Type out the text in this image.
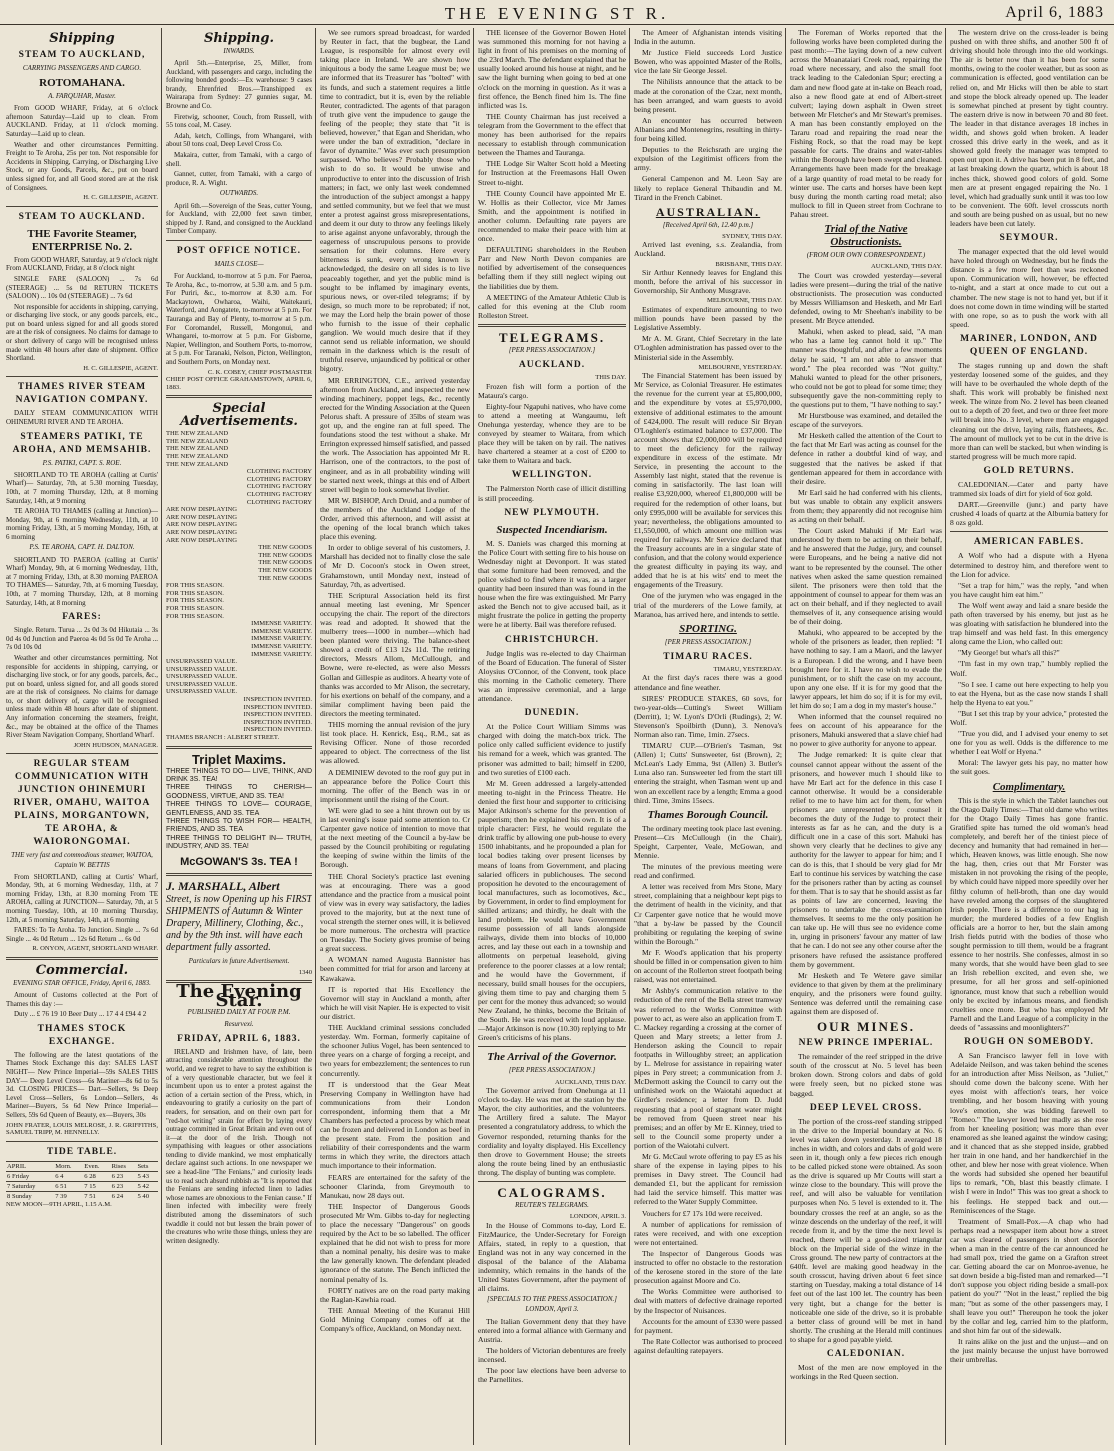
THE EVENING ST R.	April 6, 1883
Shipping
STEAM TO AUCKLAND,
CARRYING PASSENGERS AND CARGO.
ROTOMAHANA.
A. FARQUHAR, Master.

From GOOD WHARF, Friday, at 6 o'clock afternoon Saturday—Laid up to clean. From AUCKLAND. Friday, at 11 o'clock morning. Saturday—Laid up to clean.

Weather and other circumstances Permitting. Freight to Te Aroha, 25s per ton. Not responsible for Accidents in Shipping, Carrying, or Discharging Live Stock, or any Goods, Parcels, &c., put on board unless signed for, and all Good stored are at the risk of Consignees.

H. C. GILLESPIE, AGENT.
STEAM TO AUCKLAND.
THE Favorite Steamer, ENTERPRISE No. 2.

From GOOD WHARF, Saturday, at 9 o'clock night From AUCKLAND, Friday, at 8 o'clock night

SINGLE FARE (SALOON) ... 7s 6d (STEERAGE) ... 5s 0d RETURN TICKETS (SALOON) ... 10s 0d (STEERAGE) ... 7s 6d

Not responsible for accidents in shipping, carrying, or discharging live stock, or any goods parcels, etc., put on board unless signed for and all goods stored are at the risk of consignees. No claims for damage to or short delivery of cargo will be recognised unless made within 48 hours after date of shipment. Office Shortland.

H. C. GILLESPIE, AGENT.
THAMES RIVER STEAM NAVIGATION COMPANY.

DAILY STEAM COMMUNICATION WITH OHINEMURI RIVER AND TE AROHA.

STEAMERS PATIKI, TE AROHA, AND MEMSAHIB.
P.S. PATIKI, CAPT. S. ROE.

SHORTLAND TO TE AROHA (calling at Curtis' Wharf)— Saturday, 7th, at 5.30 morning Tuesday, 10th, at 7 morning Thursday, 12th, at 8 morning Saturday, 14th, at 9 morning

TE AROHA TO THAMES (calling at Junction)— Monday, 9th, at 6 morning Wednesday, 11th, at 10 morning Friday, 13th, at 5 morning Monday, 16th, at 6 morning

P.S. TE AROHA, CAPT. H. DALTON.

SHORTLAND TO PAEROA (calling at Curtis' Wharf) Monday, 9th, at 6 morning Wednesday, 11th, at 7 morning Friday, 13th, at 8.30 morning PAEROA TO THAMES— Saturday, 7th, at 6 morning Tuesday, 10th, at 7 morning Thursday, 12th, at 8 morning Saturday, 14th, at 8 morning

FARES:

Single. Return. Turua ... 2s 0d 3s 0d Hikutaia ... 3s 0d 4s 0d Junction and Paeroa 4s 0d 5s 0d Te Aroha ... 7s 0d 10s 0d

Weather and other circumstances permitting. Not responsible for accidents in shipping, carrying, or discharging live stock, or for any goods, parcels, &c., put on board, unless signed for, and all goods stored are at the risk of consignees. No claims for damage to, or short delivery of, cargo will be recognised unless made within 48 hours after date of shipment. Any information concerning the steamers, freight, &c., may be obtained at the office of the Thames River Steam Navigation Company, Shortland Wharf.

JOHN HUDSON, MANAGER.
REGULAR STEAM COMMUNICATION WITH JUNCTION OHINEMURI RIVER, OMAHU, WAITOA PLAINS, MORGANTOWN, TE AROHA, & WAIORONGOMAI.
THE very fast and commodious steamer, WAITOA, Captain W. BETTIS

From SHORTLAND, calling at Curtis' Wharf, Monday, 9th, at 6 morning Wednesday, 11th, at 7 morning Friday, 13th, at 8.30 morning From TE AROHA, calling at JUNCTION— Saturday, 7th, at 5 morning Tuesday, 10th, at 10 morning Thursday, 12th, at 5 morning Saturday, 14th, at 6 morning

FARES: To Te Aroha. To Junction. Single ... 7s 6d Single ... 4s 0d Return ... 12s 6d Return ... 6s 0d

R. ONYON, AGENT, SHORTLAND WHARF.
Commercial.
EVENING STAR OFFICE, Friday, April 6, 1883.

Amount of Customs collected at the Port of Thames this day :—

Duty ... £ 76 19 10 Beer Duty ... 17 4 4 £94 4 2

THAMES STOCK EXCHANGE.

The following are the latest quotations of the Thames Stock Exchange this day: SALES LAST NIGHT— New Prince Imperial—59s SALES THIS DAY— Deep Level Cross—6s Mariner—8s 6d to 5s 3d. CLOSING PRICES— Dart—Sellers, 9s Deep Level Cross—Sellers, 6s London—Sellers, 4s Mariner—Buyers, 5s 6d New Prince Imperial—Sellers, 59s 6d Queen of Beauty, ex—Buyers, 30s

JOHN FRATER, LOUIS MELROSE, J. R. GRIFFITHS, SAMUEL TRIPP, M. HENNELLY.
TIDE TABLE.
APRIL	Morn.	Even.	Rises	Sets
6 Friday	6 4	6 28	6 23	5 43
7 Saturday	6 51	7 15	6 23	5 42
8 Sunday	7 39	7 51	6 24	5 40
NEW MOON—9TH APRIL, 1.15 A.M.
Shipping.
INWARDS.

April 5th.—Enterprise, 25, Miller, from Auckland, with passengers and cargo, including the following bonded goods:—Ex warehouse: 9 cases brandy, Ehrenfried Bros.—Transhipped ex Wairarapa from Sydney: 27 gunnies sugar, M. Browne and Co.

Firetwig, schooner, Couch, from Russell, with 55 tons coal, M. Casey.

Adah, ketch, Collings, from Whangarei, with about 50 tons coal, Deep Level Cross Co.

Makaira, cutter, from Tamaki, with a cargo of shell.

Gannet, cutter, from Tamaki, with a cargo of produce, R. A. Wight.

OUTWARDS.

April 6th.—Sovereign of the Seas, cutter Young, for Auckland, with 22,000 feet sawn timber, shipped by J. Rand, and consigned to the Auckland Timber Company.

POST OFFICE NOTICE.
MAILS CLOSE—

For Auckland, to-morrow at 5 p.m. For Paeroa, Te Aroha, &c., to-morrow, at 5.30 a.m. and 5 p.m. For Puriri, &c., to-morrow at 8.30 a.m. For Mackaytown, Owharoa, Waihi, Waitekauri, Waterford, and Aongatete, to-morrow at 5 p.m. For Tauranga and Bay of Plenty, to-morrow at 5 p.m. For Coromandel, Russell, Mongonui, and Whangarei, to-morrow at 5 p.m. For Gisborne, Napier, Wellington, and Southern Ports, to-morrow, at 5 p.m. For Taranaki, Nelson, Picton, Wellington, and Southern Ports, on Monday next.

C. K. COBEY, CHIEF POSTMASTER
CHIEF POST OFFICE GRAHAMSTOWN, APRIL 6, 1883.
Special Advertisements.
THE NEW ZEALAND
THE NEW ZEALAND
THE NEW ZEALAND
THE NEW ZEALAND
THE NEW ZEALAND
CLOTHING FACTORY
CLOTHING FACTORY
CLOTHING FACTORY
CLOTHING FACTORY
CLOTHING FACTORY
ARE NOW DISPLAYING
ARE NOW DISPLAYING
ARE NOW DISPLAYING
ARE NOW DISPLAYING
ARE NOW DISPLAYING
THE NEW GOODS
THE NEW GOODS
THE NEW GOODS
THE NEW GOODS
THE NEW GOODS
FOR THIS SEASON.
FOR THIS SEASON.
FOR THIS SEASON.
FOR THIS SEASON.
FOR THIS SEASON.
IMMENSE VARIETY.
IMMENSE VARIETY.
IMMENSE VARIETY.
IMMENSE VARIETY.
IMMENSE VARIETY.
UNSURPASSED VALUE.
UNSURPASSED VALUE.
UNSURPASSED VALUE.
UNSURPASSED VALUE.
UNSURPASSED VALUE.
INSPECTION INVITED.
INSPECTION INVITED.
INSPECTION INVITED.
INSPECTION INVITED.
INSPECTION INVITED.
THAMES BRANCH : ALBERT STREET.
Triplet Maxims.
THREE THINGS TO DO— LIVE, THINK, AND DRINK 3S. TEA!
THREE THINGS TO CHERISH— GOODNESS, VIRTUE, AND 3S. TEA!
THREE THINGS TO LOVE— COURAGE, GENTLENESS, AND 3S. TEA
THREE THINGS TO WISH FOR— HEALTH, FRIENDS, AND 3S. TEA
THREE THINGS TO DELIGHT IN— TRUTH, INDUSTRY, AND 3S. TEA!
McGOWAN'S 3s. TEA !
J. MARSHALL, Albert
Street, is now Opening up his FIRST SHIPMENTS of Autumn & Winter Drapery, Millinery, Clothing, &c., and by the 9th inst. will have each department fully assorted.
Particulars in future Advertisement.
1340
The Evening Star.
PUBLISHED DAILY AT FOUR P.M.
Resurvexi.
FRIDAY, APRIL 6, 1883.

IRELAND and Irishmen have, of late, been attracting considerable attention throughout the world, and we regret to have to say the exhibition is of a very questionable character, but we feel it incumbent upon us to enter a protest against the action of a certain section of the Press, which, in endeavouring to gratify a curiosity on the part of readers, for sensation, and on their own part for "red-hot writing" strain for effect by laying every outrage committed in Great Britain and even out of it—at the door of the Irish. Though not sympathising with leagues or other associations tending to divide mankind, we most emphatically declare against such actions. In one newspaper we see a head-line "The Fenians," and curiosity leads us to read such absurd rubbish as "It is reported that the Fenians are sending infected linen to ladies whose names are obnoxious to the Fenian cause." If linen infected with imbecility were freely distributed among the disseminators of such twaddle it could not but lessen the brain power of the creatures who write those things, unless they are written designedly.

We see rumors spread broadcast, for warded by Reuter in fact, that the bugbear, the Land League, is responsible for almost every evil taking place in Ireland. We are shown how iniquitous a body the same League must be; we are informed that its Treasurer has "bolted" with its funds, and such a statement requires a little time to contradict, but it is, even by the reliable Reuter, contradicted. The agents of that paragon of truth give vent the impudence to gauge the feeling of the people; they state that "it is believed, however," that Egan and Sheridan, who were under the ban of extradition, "declare in favor of dynamite." Was ever such presumption surpassed. Who believes? Probably those who wish to do so. It would be unwise and unproductive to enter into the discussion of Irish matters; in fact, we only last week condemned the introduction of the subject amongst a happy and settled community, but we feel that we must enter a protest against gross misrepresentations, and deem it our duty to throw any feelings likely to arise against anyone unfavorably, through the eagerness of unscrupulous persons to provide sensation for their columns. Here every bitterness is sunk, every wrong known is acknowledged, the desire on all sides is to live peaceably together, and yet the public mind is sought to be inflamed by imaginary events, spurious news, or over-riled telegrams; if by design, so much more to be reprobated; if not, we may the Lord help the brain power of those who furnish to the issue of their cephalic ganglion. We would much desire that if they cannot send us reliable information, we should remain in the darkness which is the result of truthful reserve, unjaundiced by political or other bigotry.

MR ERRINGTON, C.E., arrived yesterday afternoon from Auckland, and inspected the new winding machinery, poppet legs, &c., recently erected for the Winding Association at the Queen Pelorus shaft. A pressure of 35lbs of steam was got up, and the engine ran at full speed. The foundations stood the test without a shake. Mr Errington expressed himself satisfied, and passed the work. The Association has appointed Mr R. Harrison, one of the contractors, to the post of engineer, and as in all probability winding will be started next week, things at this end of Albert street will begin to look somewhat livelier.

MR W. BISHOP, Arch Druid, and a number of the members of the Auckland Lodge of the Order, arrived this afternoon, and will assist at the opening of the local branch which takes place this evening.

In order to oblige several of his customers, J. Marshall has decided not to finally close the sale of Mr D. Cocoon's stock in Owen street, Grahamstown, until Monday next, instead of Saturday, 7th, as advertised.

THE Scriptural Association held its first annual meeting last evening, Mr Spencer occupying the chair. The report of the directors was read and adopted. It showed that the mulberry trees—1000 in number—which had been planted were thriving. The balance-sheet showed a credit of £13 12s 11d. The retiring directors, Messrs Allom, McCullough, and Bowne, were re-elected, as were also Messrs Gollan and Gillespie as auditors. A hearty vote of thanks was accorded to Mr Alison, the secretary, for his exertions on behalf of the company, and a similar compliment having been paid the directors the meeting terminated.

THIS morning the annual revision of the jury list took place. H. Kenrick, Esq., R.M., sat as Revising Officer. None of those recorded appeared to object. The correctness of the list was allowed.

A DEMINIEW devoted to the roof guy put in an appearance before the Police Court this morning. The offer of the Bench was in or imprisonment until the rising of the Court.

WE were glad to see a hint thrown out by us in last evening's issue paid some attention to. Cr Carpenter gave notice of intention to move that at the next meeting of the Council a by-law be passed by the Council prohibiting or regulating the keeping of swine within the limits of the Borough.

THE Choral Society's practice last evening was at encouraging. There was a good attendance and the practice from a musical point of view was in every way satisfactory, the ladies proved to the majority, but at the next tune of vocal strength the sterner ones will, it is believed be more numerous. The orchestra will practice on Tuesday. The Society gives promise of being a great success.

A WOMAN named Augusta Bannister has been committed for trial for arson and larceny at Kawakawa.

IT is reported that His Excellency the Governor will stay in Auckland a month, after which he will visit Napier. He is expected to visit our district.

THE Auckland criminal sessions concluded yesterday. Wm. Forman, formerly capitaine of the schooner Julius Vogel, has been sentenced to three years on a charge of forging a receipt, and two years for embezzlement; the sentences to run concurrently.

IT is understood that the Gear Meat Preserving Company in Wellington have had communications from their London correspondent, informing them that a Mr Chambers has perfected a process by which meat can be frozen and delivered in London as beef in the present state. From the position and reliability of their correspondents and the warm terms in which they write, the directors attach much importance to their information.

FEARS are entertained for the safety of the schooner Clarinda, from Greymouth to Manukau, now 28 days out.

THE Inspector of Dangerous Goods prosecuted Mr Wm. Gibbs to-day for neglecting to place the necessary "Dangerous" on goods required by the Act to be so labelled. The officer explained that he did not wish to press for more than a nominal penalty, his desire was to make the law generally known. The defendant pleaded ignorance of the statute. The Bench inflicted the nominal penalty of 1s.

FORTY natives are on the road party making the Raglan-Kawhia road.

THE Annual Meeting of the Kuranui Hill Gold Mining Company comes off at the Company's office, Auckland, on Monday next.

THE licensee of the Governor Bowen Hotel was summoned this morning for not having a light in front of his premises on the morning of the 23rd March. The defendant explained that he usually looked around his house at night, and he saw the light burning when going to bed at one o'clock on the morning in question. As it was a first offence, the Bench fined him 1s. The fine inflicted was 1s.

THE County Chairman has just received a telegram from the Government to the effect that money has been authorised for the repairs necessary to establish through communication between the Thames and Tauranga.

THE Lodge Sir Walter Scott hold a Meeting for Instruction at the Freemasons Hall Owen Street to-night.

THE County Council have appointed Mr E. W. Hollis as their Collector, vice Mr James Smith, and the appointment is notified in another column. Defaulting rate payers are recommended to make their peace with him at once.

DEFAULTING shareholders in the Reuben Parr and New North Devon companies are notified by advertisement of the consequences befalling them if they still neglect wiping out the liabilities due by them.

A MEETING of the Amateur Athletic Club is called for this evening at the Club room Rolleston Street.

TELEGRAMS.
[PER PRESS ASSOCIATION.]
AUCKLAND.
THIS DAY.

Frozen fish will form a portion of the Mataura's cargo.

Eighty-four Ngapuhi natives, who have come to attend a meeting at Wangaumu, left Onehunga yesterday, whence they are to be conveyed by steamer to Waitara, from which place they will be taken on by rail. The natives have chartered a steamer at a cost of £200 to take them to Waitara and back.

WELLINGTON.

The Palmerston North case of illicit distilling is still proceeding.

NEW PLYMOUTH.
Suspected Incendiarism.

M. S. Daniels was charged this morning at the Police Court with setting fire to his house on Wednesday night at Devonport. It was stated that some furniture had been removed, and the police wished to find where it was, as a larger quantity had been insured than was found in the house when the fire was extinguished. Mr Parry asked the Bench not to give accused bail, as it might frustrate the police in getting the property were he at liberty. Bail was therefore refused.

CHRISTCHURCH.

Judge Inglis was re-elected to day Chairman of the Board of Education. The funeral of Sister Aloysius O'Connor, of the Convent, took place this morning in the Catholic cemetery. There was an impressive ceremonial, and a large attendance.

DUNEDIN.

At the Police Court William Simms was charged with doing the match-box trick. The police only called sufficient evidence to justify his remand for a week, which was granted. The prisoner was admitted to bail; himself in £200, and two sureties of £100 each.

Mr M. Green addressed a largely-attended meeting to-night in the Princess Theatre. He denied the first hour and supporter to criticising Major Atkinson's scheme for the prevention of pauperism; then he explained his own. It is of a triple character: First, he would regulate the drink traffic by allowing one pub-house to every 1500 inhabitants, and he propounded a plan for local bodies taking over present licenses by means of loans from Government, and placing salaried officers in publichouses. The second proposition he devoted to the encouragement of local manufactures, such as locomotives, &c., by Government, in order to find employment for skilled artizans; and thirdly, he dealt with the land problem. He would have Government resume possession of all lands alongside railways, divide them into blocks of 10,000 acres, and lay these out each in a township and allotments on perpetual leasehold, giving preference to the poorer classes at a low rental; and he would have the Government, if necessary, build small houses for the occupiers, giving them time to pay and charging them 5 per cent for the money thus advanced; so would New Zealand, he thinks, become the Britain of the South. He was received with loud applause.—Major Atkinson is now (10.30) replying to Mr Green's criticisms of his plans.

The Arrival of the Governor.
[PER PRESS ASSOCIATION.]
AUCKLAND, THIS DAY.

The Governor arrived from Onehunga at 11 o'clock to-day. He was met at the station by the Mayor, the city authorities, and the volunteers. The Artillery fired a salute. The Mayor presented a congratulatory address, to which the Governor responded, returning thanks for the cordiality and loyalty displayed. His Excellency then drove to Government House; the streets along the route being lined by an enthusiastic throng. The display of bunting was complete.

CALOGRAMS.
REUTER'S TELEGRAMS.
LONDON, APRIL 3.

In the House of Commons to-day, Lord E. FitzMaurice, the Under-Secretary for Foreign Affairs, stated, in reply to a question, that England was not in any way concerned in the disposal of the balance of the Alabama indemnity, which remains in the hands of the United States Government, after the payment of all claims.

[SPECIALS TO THE PRESS ASSOCIATION.] LONDON, April 3.

The Italian Government deny that they have entered into a formal alliance with Germany and Austria.

The holders of Victorian debentures are freely incensed.

The poor law elections have been adverse to the Parnellites.

The Ameer of Afghanistan intends visiting India in the autumn.

Mr Justice Field succeeds Lord Justice Bowen, who was appointed Master of the Rolls, vice the late Sir George Jessel.

The Nihilists announce that the attack to be made at the coronation of the Czar, next month, has been arranged, and warn guests to avoid being present.

An encounter has occurred between Albanians and Montenegrins, resulting in thirty-four being killed.

Deputies to the Reichsrath are urging the expulsion of the Legitimist officers from the army.

General Campenon and M. Leon Say are likely to replace General Thibaudin and M. Tirard in the French Cabinet.

AUSTRALIAN.
[Received April 6th, 12.40 p.m.]
SYDNEY, THIS DAY.

Arrived last evening, s.s. Zealandia, from Auckland.

BRISBANE, THIS DAY.

Sir Arthur Kennedy leaves for England this month, before the arrival of his successor in Governorship, Sir Anthony Musgrave.

MELBOURNE, THIS DAY.

Estimates of expenditure amounting to two million pounds have been passed by the Legislative Assembly.

Mr A. M. Grant, Chief Secretary in the late O'Loghlen administration has passed over to the Ministerial side in the Assembly.

MELBOURNE, YESTERDAY.

The Financial Statement has been issued by Mr Service, as Colonial Treasurer. He estimates the revenue for the current year at £5,800,000, and the expenditure by votes at £5,970,000, extensive of additional estimates to the amount of £424,000. The result will reduce Sir Bryan O'Loghlen's estimated balance to £37,000. The account shows that £2,000,000 will be required to meet the deficiency for the railway expenditure in excess of the estimate. Mr Service, in presenting the account to the Assembly last night, stated that the revenue is coming in satisfactorily. The last loan will realise £3,920,000, whereof £1,800,000 will be required for the redemption of other loans, but only £995,000 will be available for services this year; nevertheless, the obligations amounted to £1,550,000, of which amount one million was required for railways. Mr Service declared that the Treasury accounts are in a singular state of confusion, and that the colony would experience the greatest difficulty in paying its way, and added that he is at his wits' end to meet the engagements of the Treasury.

One of the jurymen who was engaged in the trial of the murderers of the Lowe family, at Maranoa, has arrived here, and intends to settle.

SPORTING.
[PER PRESS ASSOCIATION.]
TIMARU RACES.
TIMARU, YESTERDAY.

At the first day's races there was a good attendance and fine weather.

SIRES' PRODUCE STAKES, 60 sovs, for two-year-olds—Cutting's Sweet William (Derritt), 1; W. Lyon's D'Orli (Rudings), 2; W. Stevenson's Spoilbirth (Dunn), 3. Nenova's Norman also ran. Time, 1min. 27secs.

TIMARU CUP.—O'Brien's Tasman, 9st (Allen) 1; Cutts' Sunsweeter, 6st (Brown), 2; McLean's Lady Emma, 9st (Allen) 3. Butler's Luna also ran. Sunsweeter led from the start till entering the straight, when Tasman went up and won an excellent race by a length; Emma a good third. Time, 3mins 15secs.

Thames Borough Council.

The ordinary meeting took place last evening. Present—Crs McCullough (in the Chair), Speight, Carpenter, Veale, McGowan, and Mennie.

The minutes of the previous meeting were read and confirmed.

A letter was received from Mrs Stone, Mary street, complaining that a neighbour kept pigs to the detriment of health in the vicinity, and that Cr Carpenter gave notice that he would move "that a by-law be passed by the Council prohibiting or regulating the keeping of swine within the Borough."

Mr F. Wood's application that his property should be filled in or compensation given to him on account of the Rollerton street footpath being raised, was not entertained.

Mr Ashby's communication relative to the reduction of the rent of the Bella street tramway was referred to the Works Committee with power to act, as were also an application from T. C. Mackey regarding a crossing at the corner of Queen and Mary streets; a letter from J. Henderson asking the Council to repair footpaths in Willoughby street; an application by L. Melrose for assistance in repairing water pipes in Pery street; a communication from J. McDermott asking the Council to carry out the unfinished work on the Waiotahi aqueduct at Girdler's residence; a letter from D. Judd requesting that a pool of stagnant water might be removed from Queen street near his premises; and an offer by Mr E. Kinney, tried to sell to the Council some property under a portion of the Waiotahi culvert.

Mr G. McCaul wrote offering to pay £5 as his share of the expense in laying pipes to his premises in Davy street. The Council had demanded £1, but the applicant for remission had laid the service himself. This matter was referred to the Water Supply Committee.

Vouchers for £7 17s 10d were received.

A number of applications for remission of rates were received, and with one exception were not entertained.

The Inspector of Dangerous Goods was instructed to offer no obstacle to the restoration of the kerosene stored in the store of the late prosecution against Moore and Co.

The Works Committee were authorised to deal with matters of defective drainage reported by the Inspector of Nuisances.

Accounts for the amount of £330 were passed for payment.

The Rate Collector was authorised to proceed against defaulting ratepayers.

The Foreman of Works reported that the following works have been completed during the past month:—The laying down of a new culvert across the Moanataiari Creek road, repairing the road where necessary, and also the small foot track leading to the Caledonian Spur; erecting a dam and new flood gate at in-take on Beach road, also a new flood gate at end of Albert-street culvert; laying down asphalt in Owen street between Mr Fletcher's and Mr Stewart's premises. A man has been constantly employed on the Tararu road and repairing the road near the Fishing Rock, so that the road may be kept passable for carts. The drains and water-tables within the Borough have been swept and cleaned. Arrangements have been made for the breakage of a large quantity of road metal to be ready for winter use. The carts and horses have been kept busy during the month carting road metal; also mullock to fill in Queen street from Cochrane to Pahau street.

Trial of the Native Obstructionists.
(FROM OUR OWN CORRESPONDENT.)
AUCKLAND, THIS DAY.

The Court was crowded yesterday—several ladies were present—during the trial of the native obstructionists. The prosecution was conducted by Messrs Williamson and Hesketh, and Mr Earl defended, owing to Mr Sheehan's inability to be present. Mr Bryce attended.

Mahuki, when asked to plead, said, "A man who has a lame leg cannot hold it up." The manner was thoughtful, and after a few moments delay he said, "I am not able to answer that word." The plea recorded was "Not guilty." Mahuki wanted to plead for the other prisoners, who could not be got to plead for some time; they subsequently gave the non-committing reply to the questions put to them, "I have nothing to say."

Mr Hurstbouse was examined, and detailed the escape of the surveyors.

Mr Hesketh called the attention of the Court to the fact that Mr Earl was acting as counsel for the defence in rather a doubtful kind of way, and suggested that the natives be asked if that gentleman appeared for them in accordance with their desire.

Mr Earl said he had conferred with his clients, but was unable to obtain any explicit answers from them; they apparently did not recognise him as acting on their behalf.

The Court asked Mahuki if Mr Earl was understood by them to be acting on their behalf, and he answered that the Judge, jury, and counsel were Europeans, and he being a native did not want to be represented by the counsel. The other natives when asked the same question remained silent. The prisoners were then told that the appointment of counsel to appear for them was an act on their behalf, and if they neglected to avail themselves of it, any consequence arising would be of their doing.

Mahuki, who appeared to be accepted by the whole of the prisoners as leader, then replied: "I have nothing to say. I am a Maori, and the lawyer is a European. I did the wrong, and I have been brought here for it. I have no wish to evade the punishment, or to shift the case on my account, upon any one else. If it is for my good that the lawyer appears, let him do so; if it is for my evil, let him do so; I am a dog in my master's house."

When informed that the counsel required no fees on account of his appearance for the prisoners, Mahuki answered that a slave chief had no power to give authority for anyone to appear.

The Judge remarked: It is quite clear that counsel cannot appear without the assent of the prisoners, and however much I should like to have Mr Earl act for the defence in this case I cannot otherwise. It would be a considerable relief to me to have him act for them, for when prisoners are unrepresented by counsel it becomes the duty of the Judge to protect their interests as far as he can, and the duty is a difficult one in a case of this sort. Mahuki has shown very clearly that he declines to give any authority for the lawyer to appear for him; and I can do is this, that I should be very glad for Mr Earl to continue his services by watching the case for the prisoners rather than by acting as counsel for them. That is to say that he should assist as far as points of law are concerned, leaving the prisoners to undertake the cross-examination themselves. It seems to me the only position he can take up. He will thus see no evidence come in, urging in prisoners' favour any matter of law that he can. I do not see any other course after the prisoners have refused the assistance proffered them by government.

Mr Hesketh and Te Wetere gave similar evidence to that given by them at the preliminary enquiry, and the prisoners were found guilty. Sentence was deferred until the remaining case against them are disposed of.

OUR MINES.
NEW PRINCE IMPERIAL.

The remainder of the reef stripped in the drive south of the crosscut at No. 5 level has been broken down. Strong colors and dabs of gold were freely seen, but no picked stone was bagged.

DEEP LEVEL CROSS.

The portion of the cross-reef standing stripped in the drive to the Imperial boundary at No. 6 level was taken down yesterday. It averaged 18 inches in width, and colors and dabs of gold were seen in it, though only a few pieces rich enough to be called picked stone were obtained. As soon as the drive is squared up Mr Coutts will start a winze close to the boundary. This will prove the reef, and will also be valuable for ventilation purposes when No. 5 level is extended to it. The boundary crosses the reef at an angle, so as the winze descends on the underlay of the reef, it will recede from it, and by the time the next level is reached, there will be a good-sized triangular block on the Imperial side of the winze in the Cross ground. The new party of contractors at the 640ft. level are making good headway in the south crosscut, having driven about 6 feet since starting on Tuesday, making a total distance of 14 feet out of the last 100 let. The country has been very tight, but a change for the better is noticeable one side of the drive, so it is probable a better class of ground will be met in hand shortly. The crushing at the Herald mill continues to shape for a good payable yield.

CALEDONIAN.

Most of the men are now employed in the workings in the Red Queen section.

The western drive on the cross-leader is being pushed on with three shifts, and another 500 ft of driving should hole through into the old workings. The air is better now than it has been for some months, owing to the cooler weather, but as soon as communication is effected, good ventilation can be relied on, and Mr Hicks will then be able to start and stope the block already opened up. The leader is somewhat pinched at present by tight country. The eastern drive is now in between 70 and 80 feet. The leader in that distance averages 18 inches in width, and shows gold when broken. A leader crossed this drive early in the week, and as it showed gold freely the manager was tempted to open out upon it. A drive has been put in 8 feet, and at last breaking down the quartz, which is about 18 inches thick, showed good colors of gold. Some men are at present engaged repairing the No. 1 level, which had gradually sunk until it was too low to be convenient. The 60ft. level crosscuts north and south are being pushed on as usual, but no new leaders have been cut lately.

SEYMOUR.

The manager expected that the old level would have holed through on Wednesday, but he finds the distance is a few more feet than was reckoned upon. Communication will, however, be effected to-night, and a start at once made to cut out a chamber. The new stage is not to hand yet, but if it does not come down in time winding will be started with one rope, so as to push the work with all speed.

MARINER, LONDON, AND QUEEN OF ENGLAND.

The stages running up and down the shaft yesterday loosened some of the guides, and they will have to be overhauled the whole depth of the shaft. This work will probably be finished next week. The winze from No. 2 level has been cleaned out to a depth of 20 feet, and two or three feet more will break into No. 3 level, where men are engaged cleaning out the drive, laying rails, flatsheets, &c. The amount of mullock yet to be cut in the drive is more than can well be stacked, but when winding is started progress will be much more rapid.

GOLD RETURNS.

CALEDONIAN.—Cater and party have trammed six loads of dirt for yield of 6oz gold.

DART.—Greenville (junr.) and party have crushed 4 loads of quartz at the Alburnia battery for 8 ozs gold.

AMERICAN FABLES.

A Wolf who had a dispute with a Hyena determined to destroy him, and therefore went to the Lion for advice.

"Set a trap for him," was the reply, "and when you have caught him eat him."

The Wolf went away and laid a snare beside the path often traversed by his enemy, but just as he was gloating with satisfaction he blundered into the trap himself and was held fast. In this emergency along came the Lion, who called out:

"My George! but what's all this?"

"I'm fast in my own trap," humbly replied the Wolf.

"So I see. I came out here expecting to help you to eat the Hyena, but as the case now stands I shall help the Hyena to eat you."

"But I set this trap by your advice," protested the Wolf.

"True you did, and I advised your enemy to set one for you as well. Odds is the difference to me whether I eat Wolf or Hyena."

Moral: The lawyer gets his pay, no matter how the suit goes.

Complimentary.

This is the style in which the Tablet launches out the Otago Daily Times:—That old dame who writes for the Otago Daily Times has gone frantic. Gratified spite has turned the old woman's head completely, and bereft her of the tiniest piece of decency and humanity that had remained in her—which, Heaven knows, was little enough. She now the hag, then, cries out that Mr Forster was mistaken in not provoking the rising of the people, by which could have nipped more speedily over her filthy column of hell-broth, than one day would have reveled among the corpses of the slaughtered Irish people. There is a difference to our hag in murder; the murdered bodies of a few English officials are a horror to her, but the slain among Irish fields putrid with the bodies of those who sought permission to till them, would be a fragrant essence to her nostrils. She confesses, almost in so many words, that she would have been glad to see an Irish rebellion excited, and even she, we presume, for all her gross and self-opinioned ignorance, must know that such a rebellion would only be excited by infamous means, and fiendish cruelties once more. But who has employed Mr Parnell and the Land League of a complicity in the deeds of "assassins and moonlighters?"

ROUGH ON SOMEBODY.

A San Francisco lawyer fell in love with Adelaide Neilson, and was taken behind the scenes for an introduction after Miss Neilson, as "Juliet," should come down the balcony scene. With her eyes moist with affection's tears, her voice trembling, and her bosom heaving with young love's emotion, she was bidding farewell to "Romeo." The lawyer loved her madly as she rose from her kneeling position; was more than ever enamored as she leaned against the window casing; and it chanced that as she stepped inside, grabbed her train in one hand, and her handkerchief in the other, and blew her nose with great violence. When the words had subsided she opened her beautiful lips to remark, "Oh, blast this beastly climate. I wish I were in Indo!" This was too great a shock to his feelings. He stepped back and out.—Reminiscences of the Stage.

Treatment of Small-Pox.—A chap who had perhaps read a newspaper item about how a street car was cleared of passengers in short disorder when a man in the centre of the car announced he had small pox, tried the game on a Grafton street car. Getting aboard the car on Monroe-avenue, he sat down beside a big-fisted man and remarked—"I don't suppose you object riding beside a small-pox patient do you?" "Not in the least," replied the big man; "but as some of the other passengers may, I shall leave you out!" Thereupon he took the joker by the collar and leg, carried him to the platform, and shot him far out of the sidewalk.

It rains alike on the just and the unjust—and on the just mainly because the unjust have borrowed their umbrellas.
